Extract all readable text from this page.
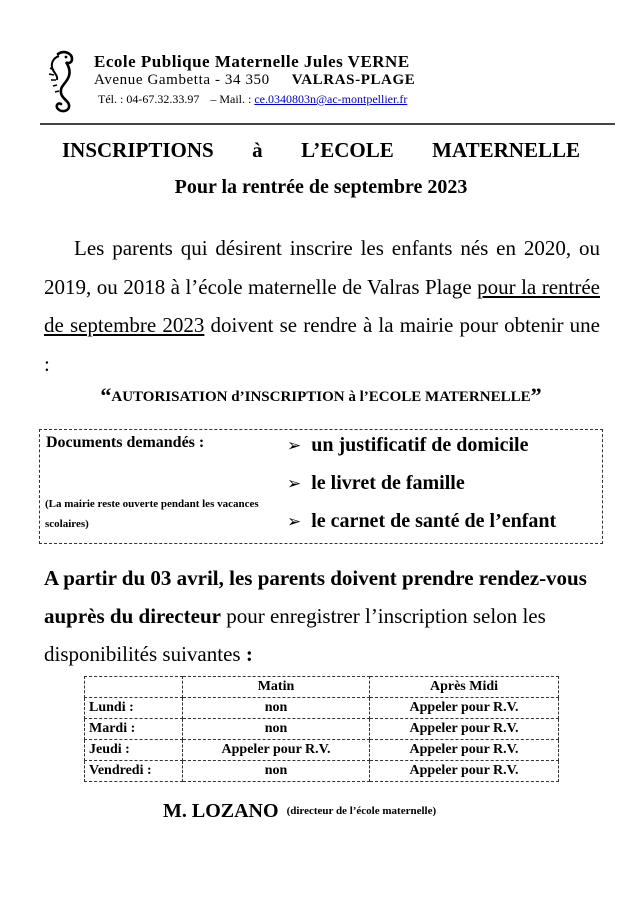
Ecole Publique Maternelle Jules VERNE
Avenue Gambetta - 34 350 VALRAS-PLAGE
Tél. : 04-67.32.33.97 – Mail. : ce.0340803n@ac-montpellier.fr
INSCRIPTIONS à L’ECOLE MATERNELLE
Pour la rentrée de septembre 2023

Les parents qui désirent inscrire les enfants nés en 2020, ou 2019, ou 2018 à l’école maternelle de Valras Plage pour la rentrée de septembre 2023 doivent se rendre à la mairie pour obtenir une :

“AUTORISATION d’INSCRIPTION à l’ECOLE MATERNELLE”
Documents demandés :
(La mairie reste ouverte pendant les vacances scolaires)
➢ un justificatif de domicile
➢ le livret de famille
➢ le carnet de santé de l’enfant

A partir du 03 avril, les parents doivent prendre rendez-vous auprès du directeur pour enregistrer l’inscription selon les disponibilités suivantes :

	Matin	Après Midi
Lundi :	non	Appeler pour R.V.
Mardi :	non	Appeler pour R.V.
Jeudi :	Appeler pour R.V.	Appeler pour R.V.
Vendredi :	non	Appeler pour R.V.
M. LOZANO (directeur de l’école maternelle)
